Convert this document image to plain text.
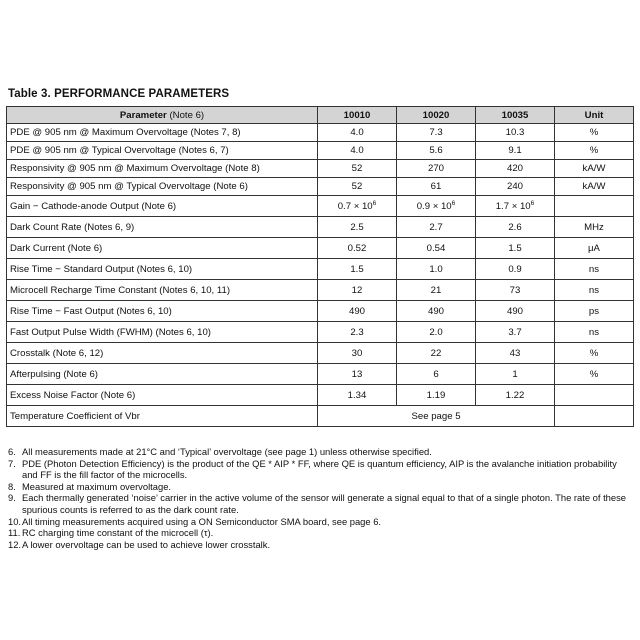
Table 3. PERFORMANCE PARAMETERS
Parameter (Note 6)	10010	10020	10035	Unit
PDE @ 905 nm @ Maximum Overvoltage (Notes 7, 8)	4.0	7.3	10.3	%
PDE @ 905 nm @ Typical Overvoltage (Notes 6, 7)	4.0	5.6	9.1	%
Responsivity @ 905 nm @ Maximum Overvoltage (Note 8)	52	270	420	kA/W
Responsivity @ 905 nm @ Typical Overvoltage (Note 6)	52	61	240	kA/W
Gain − Cathode-anode Output (Note 6)	$0.7 \times 10^6$	$0.9 \times 10^6$	$1.7 \times 10^6$	
Dark Count Rate (Notes 6, 9)	2.5	2.7	2.6	MHz
Dark Current (Note 6)	0.52	0.54	1.5	μA
Rise Time − Standard Output (Notes 6, 10)	1.5	1.0	0.9	ns
Microcell Recharge Time Constant (Notes 6, 10, 11)	12	21	73	ns
Rise Time − Fast Output (Notes 6, 10)	490	490	490	ps
Fast Output Pulse Width (FWHM) (Notes 6, 10)	2.3	2.0	3.7	ns
Crosstalk (Note 6, 12)	30	22	43	%
Afterpulsing (Note 6)	13	6	1	%
Excess Noise Factor (Note 6)	1.34	1.19	1.22	
Temperature Coefficient of Vbr	See page 5			
6. All measurements made at 21°C and ‘Typical’ overvoltage (see page 1) unless otherwise specified.
7. PDE (Photon Detection Efficiency) is the product of the QE * AIP * FF, where QE is quantum efficiency, AIP is the avalanche initiation probability and FF is the fill factor of the microcells.
8. Measured at maximum overvoltage.
9. Each thermally generated ‘noise’ carrier in the active volume of the sensor will generate a signal equal to that of a single photon. The rate of these spurious counts is referred to as the dark count rate.
10. All timing measurements acquired using a ON Semiconductor SMA board, see page 6.
11. RC charging time constant of the microcell (τ).
12. A lower overvoltage can be used to achieve lower crosstalk.
